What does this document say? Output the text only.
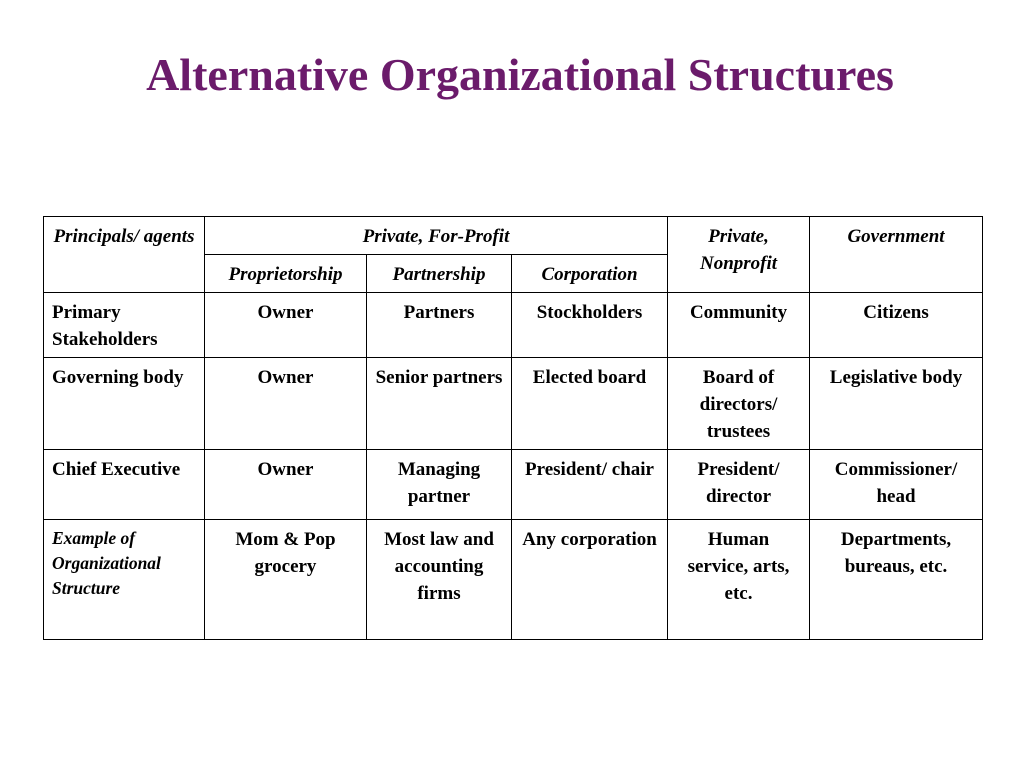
Alternative Organizational Structures
Principals/ agents	Private, For-Profit			Private, Nonprofit	Government
	Proprietorship	Partnership	Corporation		
Primary Stakeholders	Owner	Partners	Stockholders	Community	Citizens
Governing body	Owner	Senior partners	Elected board	Board of directors/ trustees	Legislative body
Chief Executive	Owner	Managing partner	President/ chair	President/ director	Commissioner/ head
Example of Organizational Structure	Mom & Pop grocery	Most law and accounting firms	Any corporation	Human service, arts, etc.	Departments, bureaus, etc.
